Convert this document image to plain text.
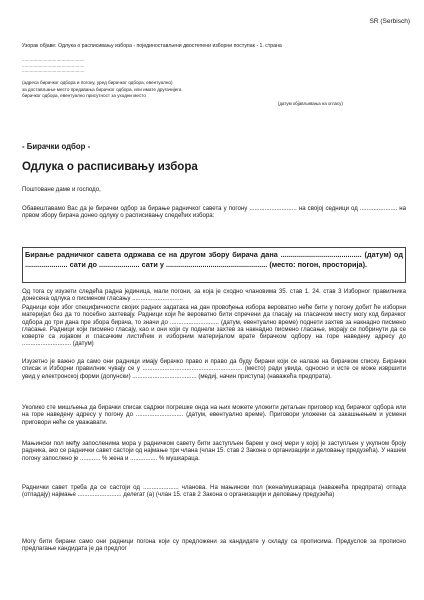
SR (Serbisch)
Узорак објаве: Одлука о расписивању избора - појединостављени двостепени изборни поступак - 1. страна
.................................................
.................................................
.................................................
(адреса бирачког одбора и погону, уред бирачког одбора, евентуално)
за достављање место предавања бирачког одбора, или имате другачијега бирачког одбора, евентуално присутност за уходни место
(датум објављивања на огласу)
- Бирачки одбор -
Одлука о расписивању избора
Поштоване даме и господо,
Обавештавамо Вас да је бирачки одбор за бирање радничког савета у погону ............................ на својој седници од ...................... на првом збору бирача донео одлуку о расписивању следећих избора:
Бирање радничког савета одржава се на другом збору бирача дана ........................................ (датум) од ..................... сати до .................... сати у .................................................. (место: погон, просторија).
Од тога су изузети следећа радна јединица, мали погони, за која је сходно члановима 35. став 1. 24. став 3 Изборног правилника донесена одлука о писменом гласању ..............................
Радници који због специфичности својих радних задатака на дан провођења избора вероватно неће бити у погону добит ће изборни материјал без да то посебно захтевају. Радници који ће вероватно бити спречени да гласају на гласачком месту могу код бирачког одбора до три дана пре збора бирача, то значи до ............................. (датум, евентуално време) поднети захтев за накнадно писмено гласање. Радници који писмено гласају, као и они који су поднели захтев за накнадно писмено гласање, морају се побринути да се коверте са изјавом и гласачким листићем и изборним материјалом врате бирачком одбору на горе наведену адресу до ............................. (датум)
Изузетно је важно да само они радници имају бирачко право и право да буду бирани који се налазе на бирачком списку. Бирачки списак и Изборни правилник чувају се у ........................................................... (место) ради увида, односно и исте се може извршити увид у електронској форми (допунски) ...................................... (медиј, начин приступа) (наважећа предпрата).
Уколико сте мишљења да бирачки списак садржи погрешке онда на њих можете уложити детаљан приговор код бирачког одбора или на горе наведену адресу у погону до ............................ (датум, евентуално време). Приговори уложени са закашњењем и усмени приговори неће се уважавати.
Мањински пол међу запосленима мора у радничком савету бити заступљен барем у оној мери у којој је заступљен у укупном броју радника, ако се раднички савет састоји од најмање три члана (члан 15. став 2 Закона о организацији и деловању предузећа). У нашем погону запослено је ............ % жена и ................ % мушкараца.
Раднички савет треба да се састоји од ..................... чланова. На мањински пол (жена/мушкараца (наважећа предпрата) отпада (отпадају) најмање .......................... делегат (а) (члан 15. став 2 Закона о организацији и деловању предузећа)
Могу бити бирани само они радници погона који су предложени за кандидате у складу са прописима. Предуслов за прописно предлагање кандидата је да предлог
